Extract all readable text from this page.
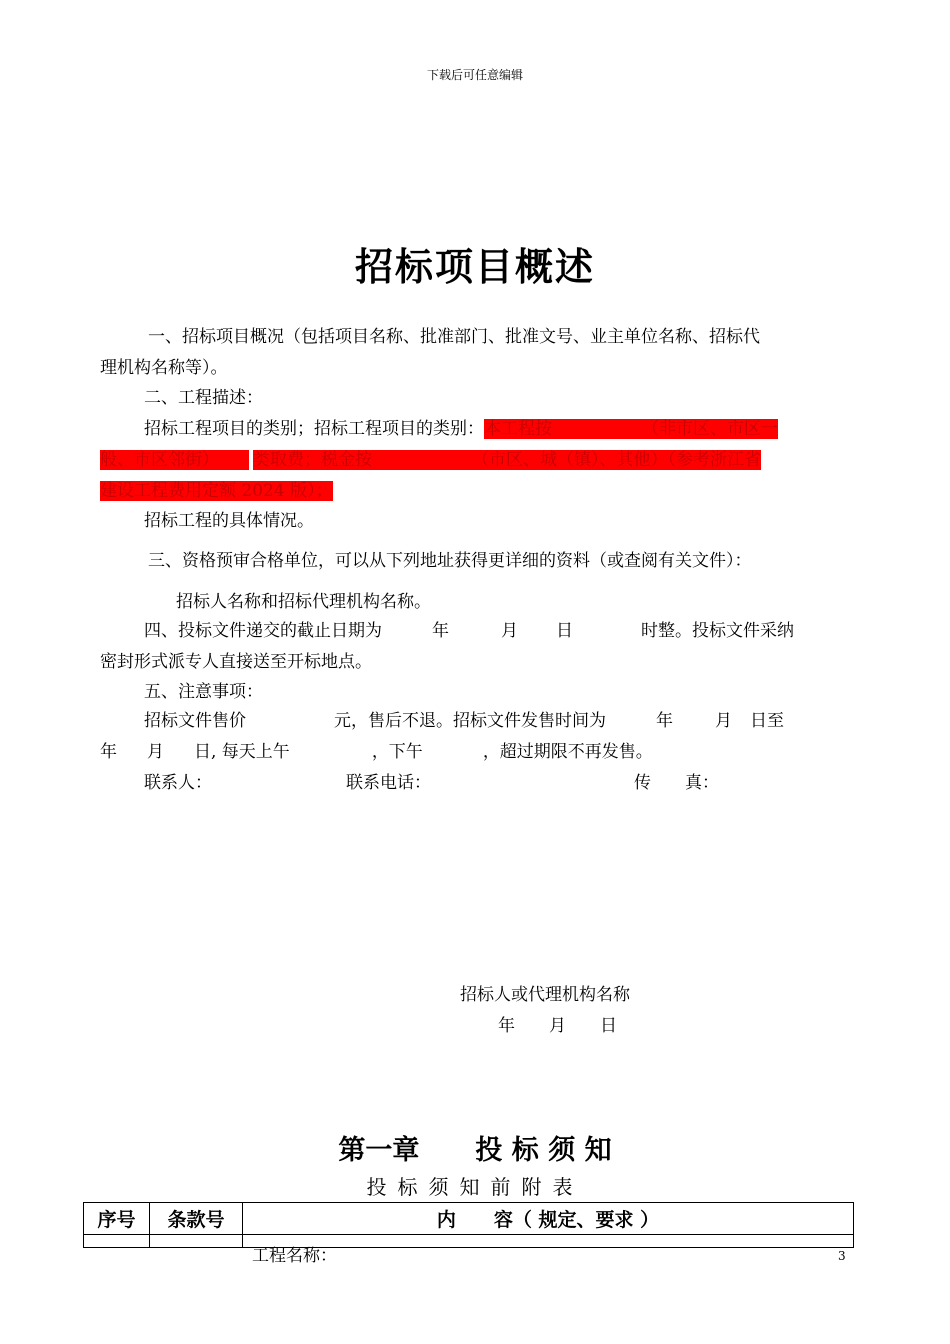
下载后可任意编辑
招标项目概述
一、招标项目概况（包括项目名称、批准部门、批准文号、业主单位名称、招标代
理机构名称等）。
二、工程描述：
招标工程项目的类别；招标工程项目的类别：本工程按	（非市区、市区一
般、市区邻街） 类取费；税金按	（市区、城（镇）、其他）（参考浙江省
建设工程费用定额 2024 版）；
招标工程的具体情况。
三、资格预审合格单位，可以从下列地址获得更详细的资料（或查阅有关文件）：
招标人名称和招标代理机构名称。
四、投标文件递交的截止日期为	年	月 日	时整。投标文件采纳
密封形式派专人直接送至开标地点。
五、注意事项：
招标文件售价	元，售后不退。招标文件发售时间为	年 月 日至
年 月 日, 每天上午	，下午	，超过期限不再发售。
联系人：	联系电话：	传　　真：
招标人或代理机构名称
年　　月　　日
第一章 投 标 须 知
投标须知前附表
序号	条款号	内　　容（ 规定、要求 ）

工程名称：	3
